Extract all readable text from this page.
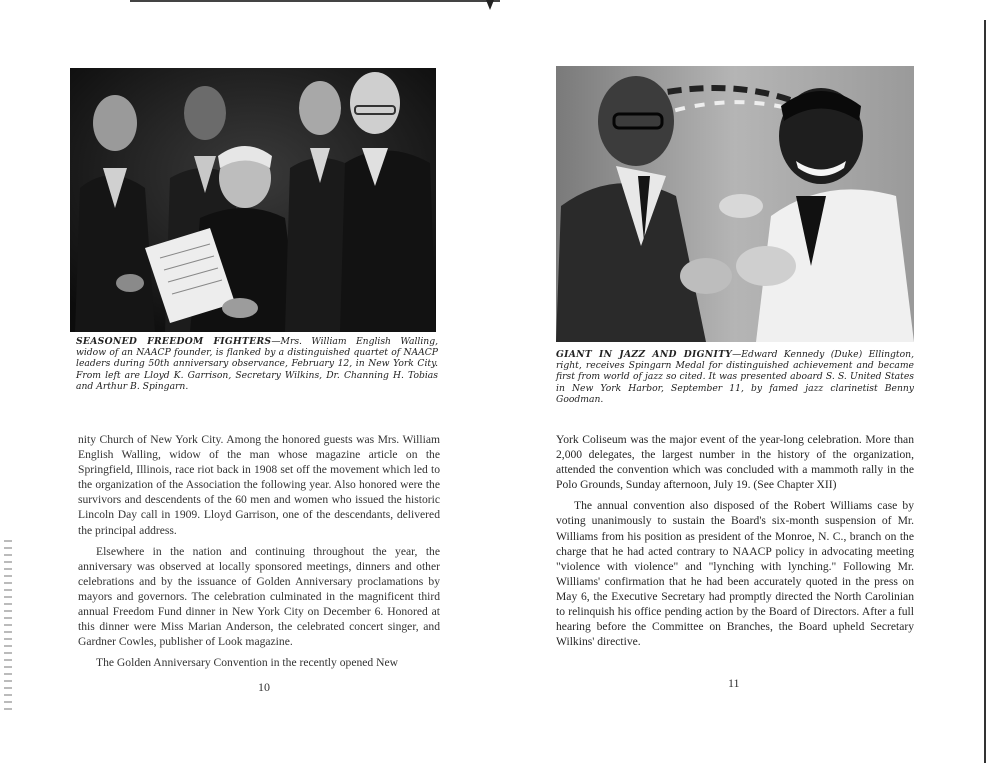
SEASONED FREEDOM FIGHTERS—Mrs. William English Walling, widow of an NAACP founder, is flanked by a distinguished quartet of NAACP leaders during 50th anniversary observance, February 12, in New York City. From left are Lloyd K. Garrison, Secretary Wilkins, Dr. Channing H. Tobias and Arthur B. Spingarn.

nity Church of New York City. Among the honored guests was Mrs. William English Walling, widow of the man whose magazine article on the Springfield, Illinois, race riot back in 1908 set off the movement which led to the organization of the Association the following year. Also honored were the survivors and descendents of the 60 men and women who issued the historic Lincoln Day call in 1909. Lloyd Garrison, one of the descendants, delivered the principal address.

Elsewhere in the nation and continuing throughout the year, the anniversary was observed at locally sponsored meetings, dinners and other celebrations and by the issuance of Golden Anniversary proclamations by mayors and governors. The celebration culminated in the magnificent third annual Freedom Fund dinner in New York City on December 6. Honored at this dinner were Miss Marian Anderson, the celebrated concert singer, and Gardner Cowles, publisher of Look magazine.

The Golden Anniversary Convention in the recently opened New

10

GIANT IN JAZZ AND DIGNITY—Edward Kennedy (Duke) Ellington, right, receives Spingarn Medal for distinguished achievement and became first from world of jazz so cited. It was presented aboard S. S. United States in New York Harbor, September 11, by famed jazz clarinetist Benny Goodman.

York Coliseum was the major event of the year-long celebration. More than 2,000 delegates, the largest number in the history of the organization, attended the convention which was concluded with a mammoth rally in the Polo Grounds, Sunday afternoon, July 19. (See Chapter XII)

The annual convention also disposed of the Robert Williams case by voting unanimously to sustain the Board's six-month suspension of Mr. Williams from his position as president of the Monroe, N. C., branch on the charge that he had acted contrary to NAACP policy in advocating meeting "violence with violence" and "lynching with lynching." Following Mr. Williams' confirmation that he had been accurately quoted in the press on May 6, the Executive Secretary had promptly directed the North Carolinian to relinquish his office pending action by the Board of Directors. After a full hearing before the Committee on Branches, the Board upheld Secretary Wilkins' directive.

11
